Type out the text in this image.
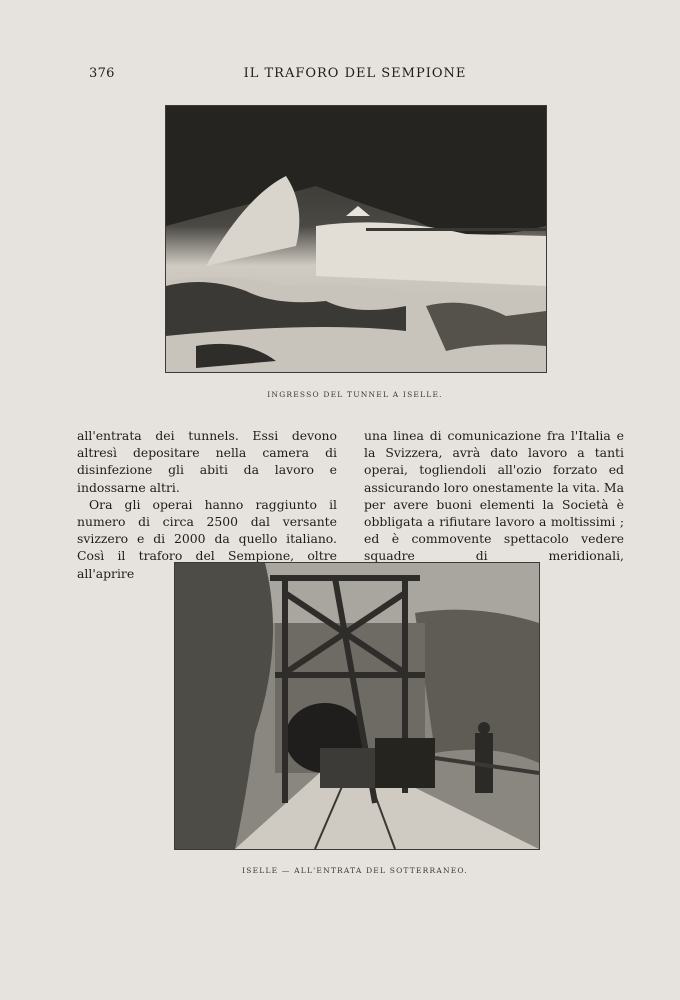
376	IL TRAFORO DEL SEMPIONE
INGRESSO DEL TUNNEL A ISELLE.

all'entrata dei tunnels. Essi devono altresì depositare nella camera di disinfezione gli abiti da lavoro e indossarne altri.

Ora gli operai hanno raggiunto il numero di circa 2500 dal versante svizzero e di 2000 da quello italiano. Così il traforo del Sempione, oltre all'aprire

una linea di comunicazione fra l'Italia e la Svizzera, avrà dato lavoro a tanti operai, togliendoli all'ozio forzato ed assicurando loro onestamente la vita. Ma per avere buoni elementi la Società è obbligata a rifiutare lavoro a moltissimi ; ed è commovente spettacolo vedere squadre di meridionali,

ISELLE — ALL'ENTRATA DEL SOTTERRANEO.
